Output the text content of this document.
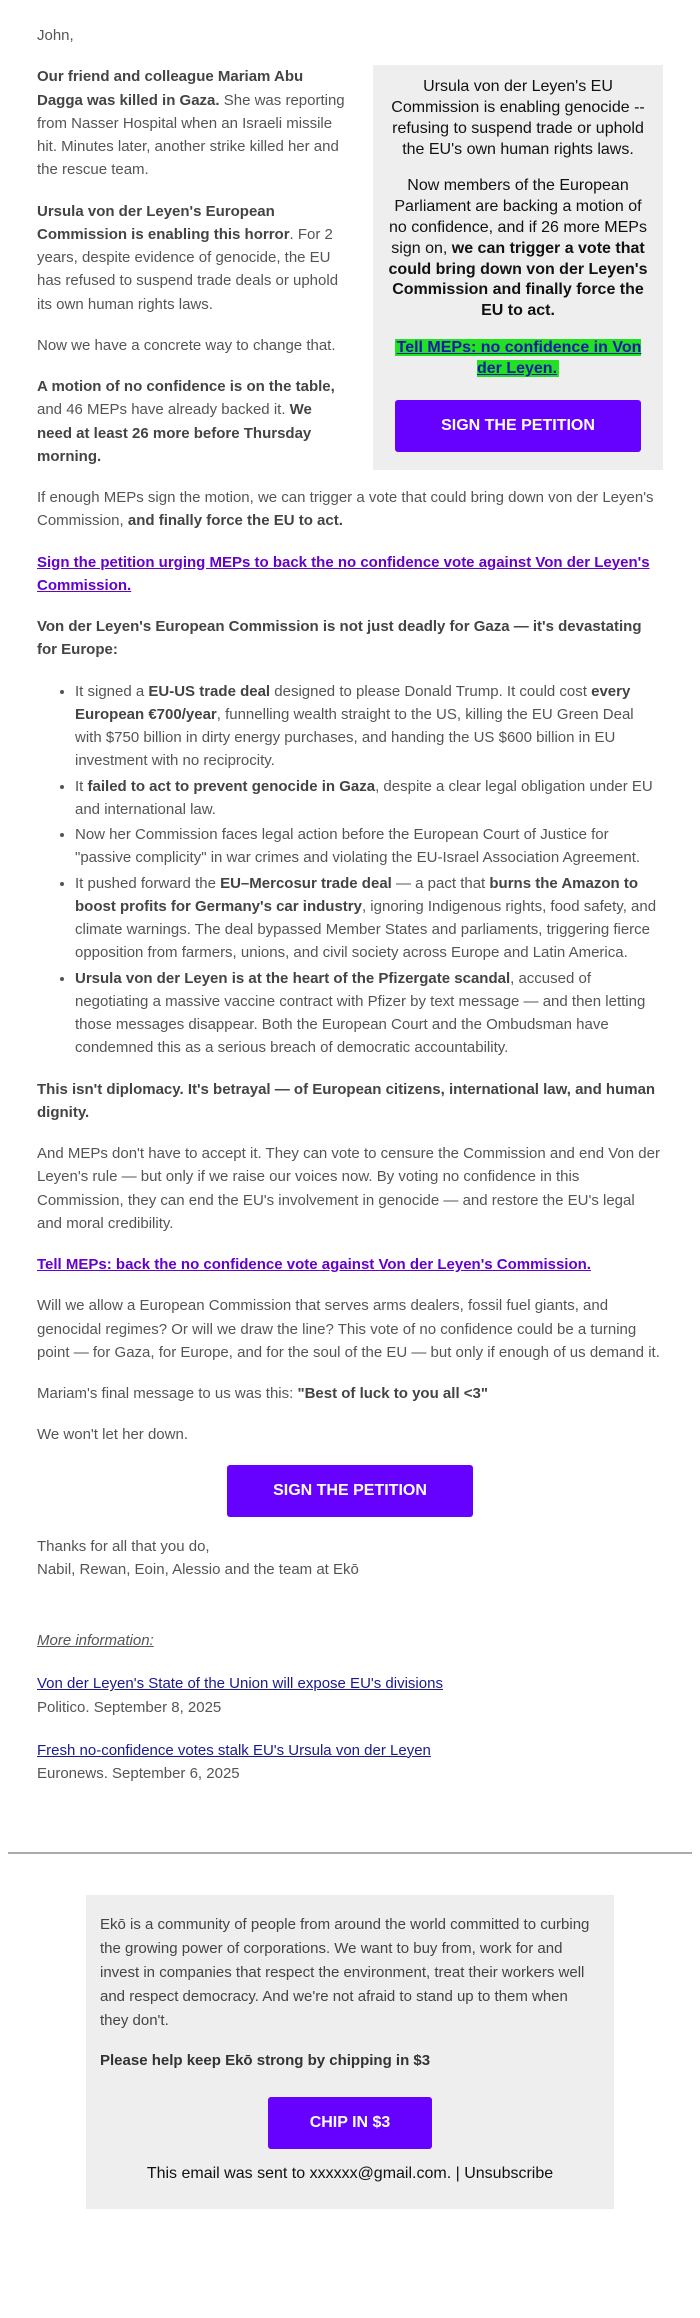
John,

Ursula von der Leyen's EU Commission is enabling genocide -- refusing to suspend trade or uphold the EU's own human rights laws.

Now members of the European Parliament are backing a motion of no confidence, and if 26 more MEPs sign on, we can trigger a vote that could bring down von der Leyen's Commission and finally force the EU to act.

Tell MEPs: no confidence in Von der Leyen.

SIGN THE PETITION

Our friend and colleague Mariam Abu Dagga was killed in Gaza. She was reporting from Nasser Hospital when an Israeli missile hit. Minutes later, another strike killed her and the rescue team.

Ursula von der Leyen's European Commission is enabling this horror. For 2 years, despite evidence of genocide, the EU has refused to suspend trade deals or uphold its own human rights laws.

Now we have a concrete way to change that.

A motion of no confidence is on the table, and 46 MEPs have already backed it. We need at least 26 more before Thursday morning.

If enough MEPs sign the motion, we can trigger a vote that could bring down von der Leyen's Commission, and finally force the EU to act.

Sign the petition urging MEPs to back the no confidence vote against Von der Leyen's Commission.

Von der Leyen's European Commission is not just deadly for Gaza — it's devastating for Europe:

• It signed a EU-US trade deal designed to please Donald Trump. It could cost every European €700/year, funnelling wealth straight to the US, killing the EU Green Deal with $750 billion in dirty energy purchases, and handing the US $600 billion in EU investment with no reciprocity.
• It failed to act to prevent genocide in Gaza, despite a clear legal obligation under EU and international law.
• Now her Commission faces legal action before the European Court of Justice for "passive complicity" in war crimes and violating the EU-Israel Association Agreement.
• It pushed forward the EU–Mercosur trade deal — a pact that burns the Amazon to boost profits for Germany's car industry, ignoring Indigenous rights, food safety, and climate warnings. The deal bypassed Member States and parliaments, triggering fierce opposition from farmers, unions, and civil society across Europe and Latin America.
• Ursula von der Leyen is at the heart of the Pfizergate scandal, accused of negotiating a massive vaccine contract with Pfizer by text message — and then letting those messages disappear. Both the European Court and the Ombudsman have condemned this as a serious breach of democratic accountability.

This isn't diplomacy. It's betrayal — of European citizens, international law, and human dignity.

And MEPs don't have to accept it. They can vote to censure the Commission and end Von der Leyen's rule — but only if we raise our voices now. By voting no confidence in this Commission, they can end the EU's involvement in genocide — and restore the EU's legal and moral credibility.

Tell MEPs: back the no confidence vote against Von der Leyen's Commission.

Will we allow a European Commission that serves arms dealers, fossil fuel giants, and genocidal regimes? Or will we draw the line? This vote of no confidence could be a turning point — for Gaza, for Europe, and for the soul of the EU — but only if enough of us demand it.

Mariam's final message to us was this: "Best of luck to you all <3"

We won't let her down.

SIGN THE PETITION

Thanks for all that you do,
Nabil, Rewan, Eoin, Alessio and the team at Ekō

More information:

Von der Leyen's State of the Union will expose EU's divisions
Politico. September 8, 2025
Fresh no-confidence votes stalk EU's Ursula von der Leyen
Euronews. September 6, 2025

Ekō is a community of people from around the world committed to curbing the growing power of corporations. We want to buy from, work for and invest in companies that respect the environment, treat their workers well and respect democracy. And we're not afraid to stand up to them when they don't.

Please help keep Ekō strong by chipping in $3

CHIP IN $3
This email was sent to xxxxxx@gmail.com. | Unsubscribe
